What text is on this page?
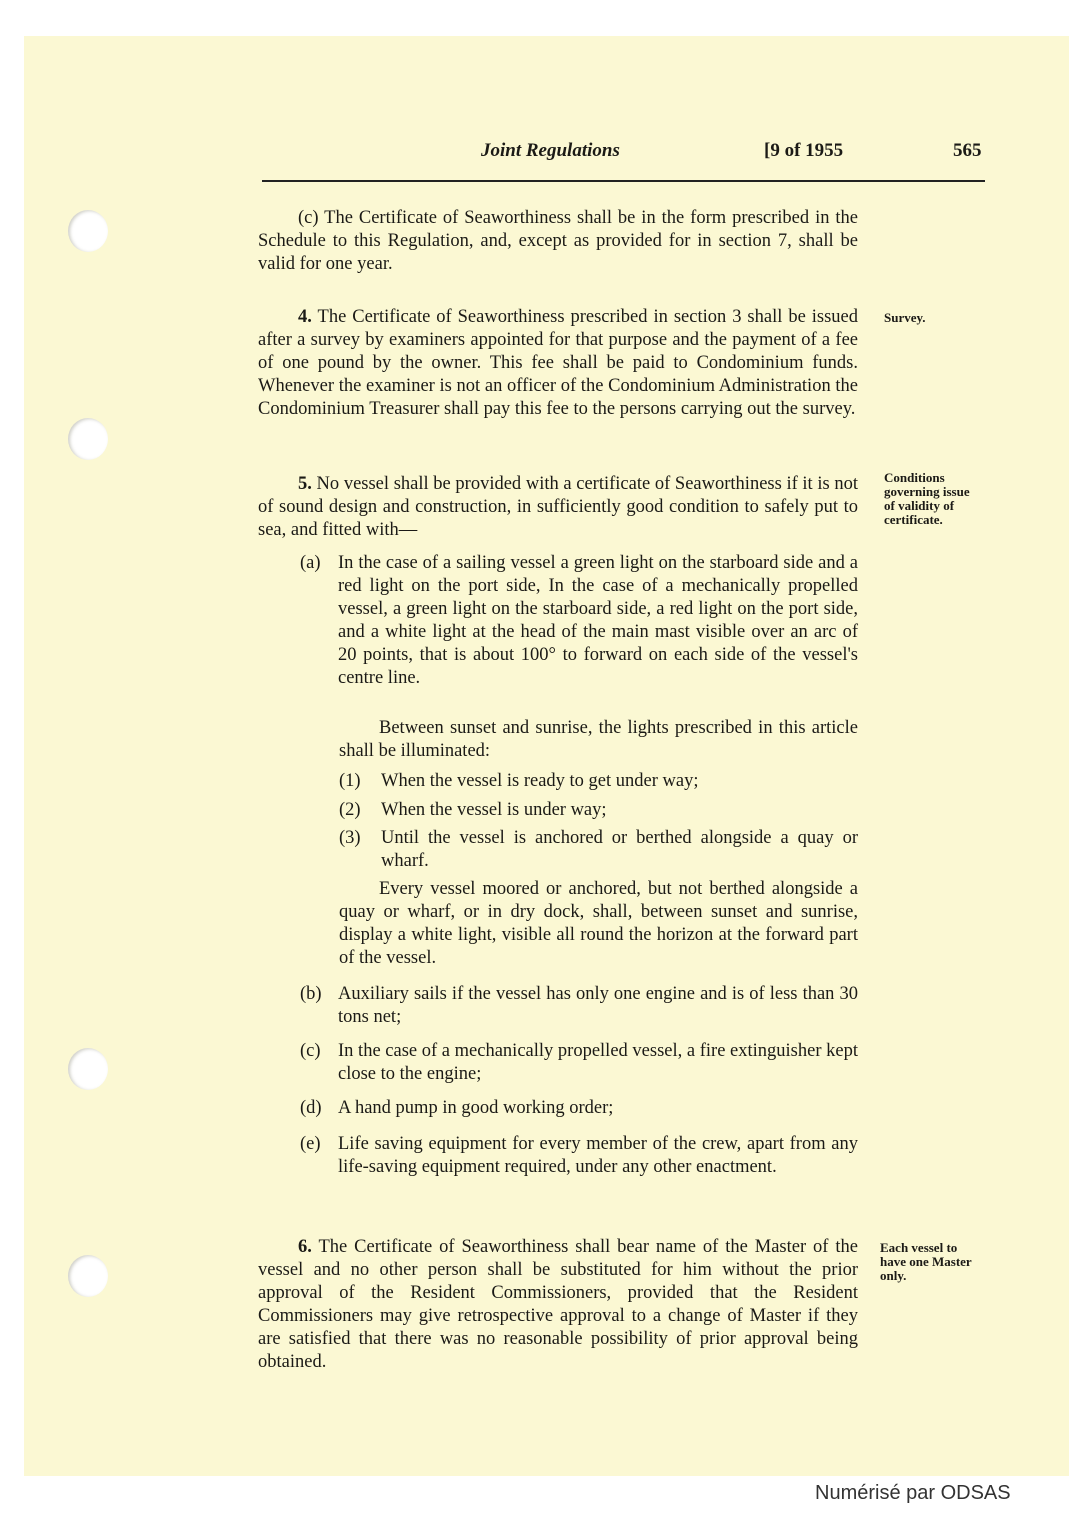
Joint Regulations	[9 of 1955	565
(c) The Certificate of Seaworthiness shall be in the form prescribed in the Schedule to this Regulation, and, except as provided for in section 7, shall be valid for one year.
4. The Certificate of Seaworthiness prescribed in section 3 shall be issued after a survey by examiners appointed for that purpose and the payment of a fee of one pound by the owner. This fee shall be paid to Condominium funds. Whenever the examiner is not an officer of the Condominium Administration the Condominium Treasurer shall pay this fee to the persons carrying out the survey.
Survey.
5. No vessel shall be provided with a certificate of Seaworthiness if it is not of sound design and construction, in sufficiently good condition to safely put to sea, and fitted with—
Conditions governing issue of validity of certificate.
(a) In the case of a sailing vessel a green light on the starboard side and a red light on the port side, In the case of a mechanically propelled vessel, a green light on the starboard side, a red light on the port side, and a white light at the head of the main mast visible over an arc of 20 points, that is about 100° to forward on each side of the vessel's centre line.
Between sunset and sunrise, the lights prescribed in this article shall be illuminated:
(1) When the vessel is ready to get under way;
(2) When the vessel is under way;
(3) Until the vessel is anchored or berthed alongside a quay or wharf.
Every vessel moored or anchored, but not berthed alongside a quay or wharf, or in dry dock, shall, between sunset and sunrise, display a white light, visible all round the horizon at the forward part of the vessel.
(b) Auxiliary sails if the vessel has only one engine and is of less than 30 tons net;
(c) In the case of a mechanically propelled vessel, a fire extinguisher kept close to the engine;
(d) A hand pump in good working order;
(e) Life saving equipment for every member of the crew, apart from any life-saving equipment required, under any other enactment.
6. The Certificate of Seaworthiness shall bear name of the Master of the vessel and no other person shall be substituted for him without the prior approval of the Resident Commissioners, provided that the Resident Commissioners may give retrospective approval to a change of Master if they are satisfied that there was no reasonable possibility of prior approval being obtained.
Each vessel to have one Master only.
Numérisé par ODSAS
